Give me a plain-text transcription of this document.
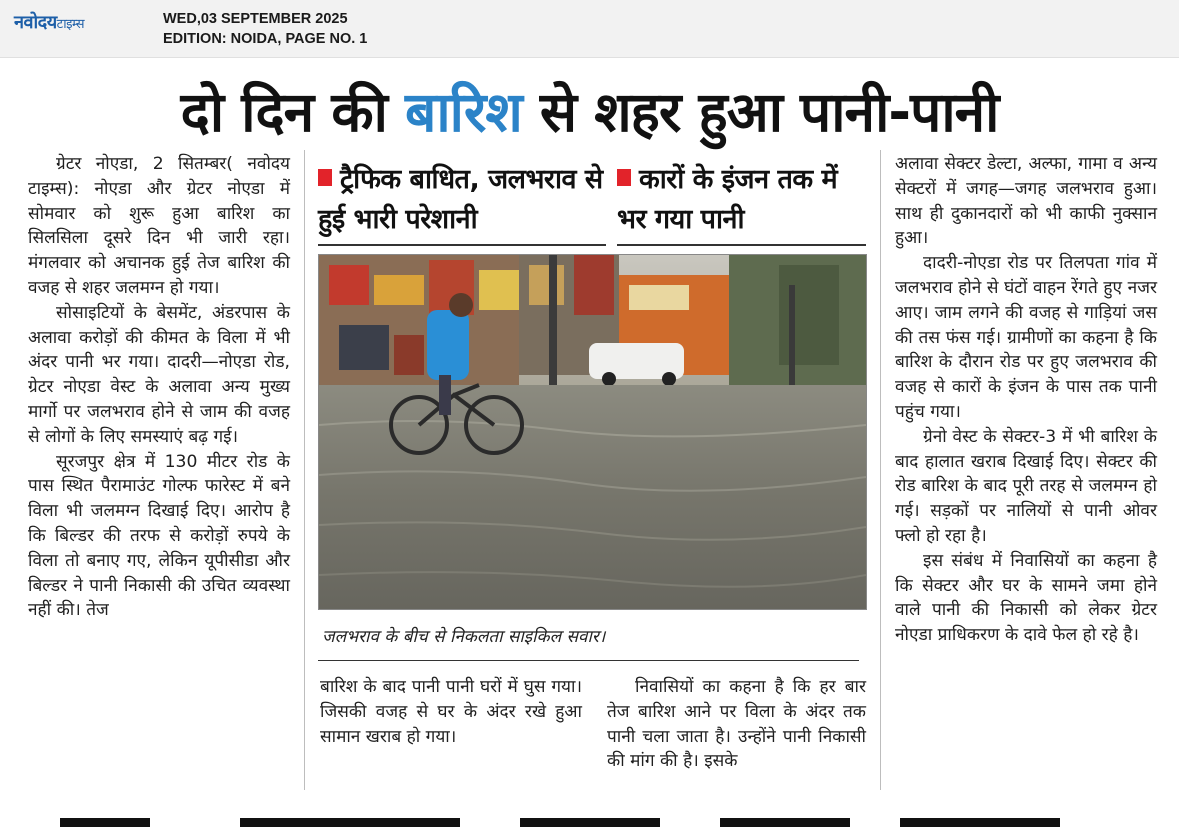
नवोदयटाइम्स	WED,03 SEPTEMBER 2025
EDITION: NOIDA, PAGE NO. 1
दो दिन की बारिश से शहर हुआ पानी-पानी

ग्रेटर नोएडा, 2 सितम्बर( नवोदय टाइम्स): नोएडा और ग्रेटर नोएडा में सोमवार को शुरू हुआ बारिश का सिलसिला दूसरे दिन भी जारी रहा। मंगलवार को अचानक हुई तेज बारिश की वजह से शहर जलमग्न हो गया।

सोसाइटियों के बेसमेंट, अंडरपास के अलावा करोड़ों की कीमत के विला में भी अंदर पानी भर गया। दादरी—नोएडा रोड, ग्रेटर नोएडा वेस्ट के अलावा अन्य मुख्य मार्गो पर जलभराव होने से जाम की वजह से लोगों के लिए समस्याएं बढ़ गई।

सूरजपुर क्षेत्र में 130 मीटर रोड के पास स्थित पैरामाउंट गोल्फ फारेस्ट में बने विला भी जलमग्न दिखाई दिए। आरोप है कि बिल्डर की तरफ से करोड़ों रुपये के विला तो बनाए गए, लेकिन यूपीसीडा और बिल्डर ने पानी निकासी की उचित व्यवस्था नहीं की। तेज

ट्रैफिक बाधित, जलभराव से हुई भारी परेशानी
कारों के इंजन तक में भर गया पानी
जलभराव के बीच से निकलता साइकिल सवार।

बारिश के बाद पानी पानी घरों में घुस गया। जिसकी वजह से घर के अंदर रखे हुआ सामान खराब हो गया।

निवासियों का कहना है कि हर बार तेज बारिश आने पर विला के अंदर तक पानी चला जाता है। उन्होंने पानी निकासी की मांग की है। इसके

अलावा सेक्टर डेल्टा, अल्फा, गामा व अन्य सेक्टरों में जगह—जगह जलभराव हुआ। साथ ही दुकानदारों को भी काफी नुक्सान हुआ।

दादरी-नोएडा रोड पर तिलपता गांव में जलभराव होने से घंटों वाहन रेंगते हुए नजर आए। जाम लगने की वजह से गाड़ियां जस की तस फंस गई। ग्रामीणों का कहना है कि बारिश के दौरान रोड पर हुए जलभराव की वजह से कारों के इंजन के पास तक पानी पहुंच गया।

ग्रेनो वेस्ट के सेक्टर-3 में भी बारिश के बाद हालात खराब दिखाई दिए। सेक्टर की रोड बारिश के बाद पूरी तरह से जलमग्न हो गई। सड़कों पर नालियों से पानी ओवर फ्लो हो रहा है।

इस संबंध में निवासियों का कहना है कि सेक्टर और घर के सामने जमा होने वाले पानी की निकासी को लेकर ग्रेटर नोएडा प्राधिकरण के दावे फेल हो रहे है।
